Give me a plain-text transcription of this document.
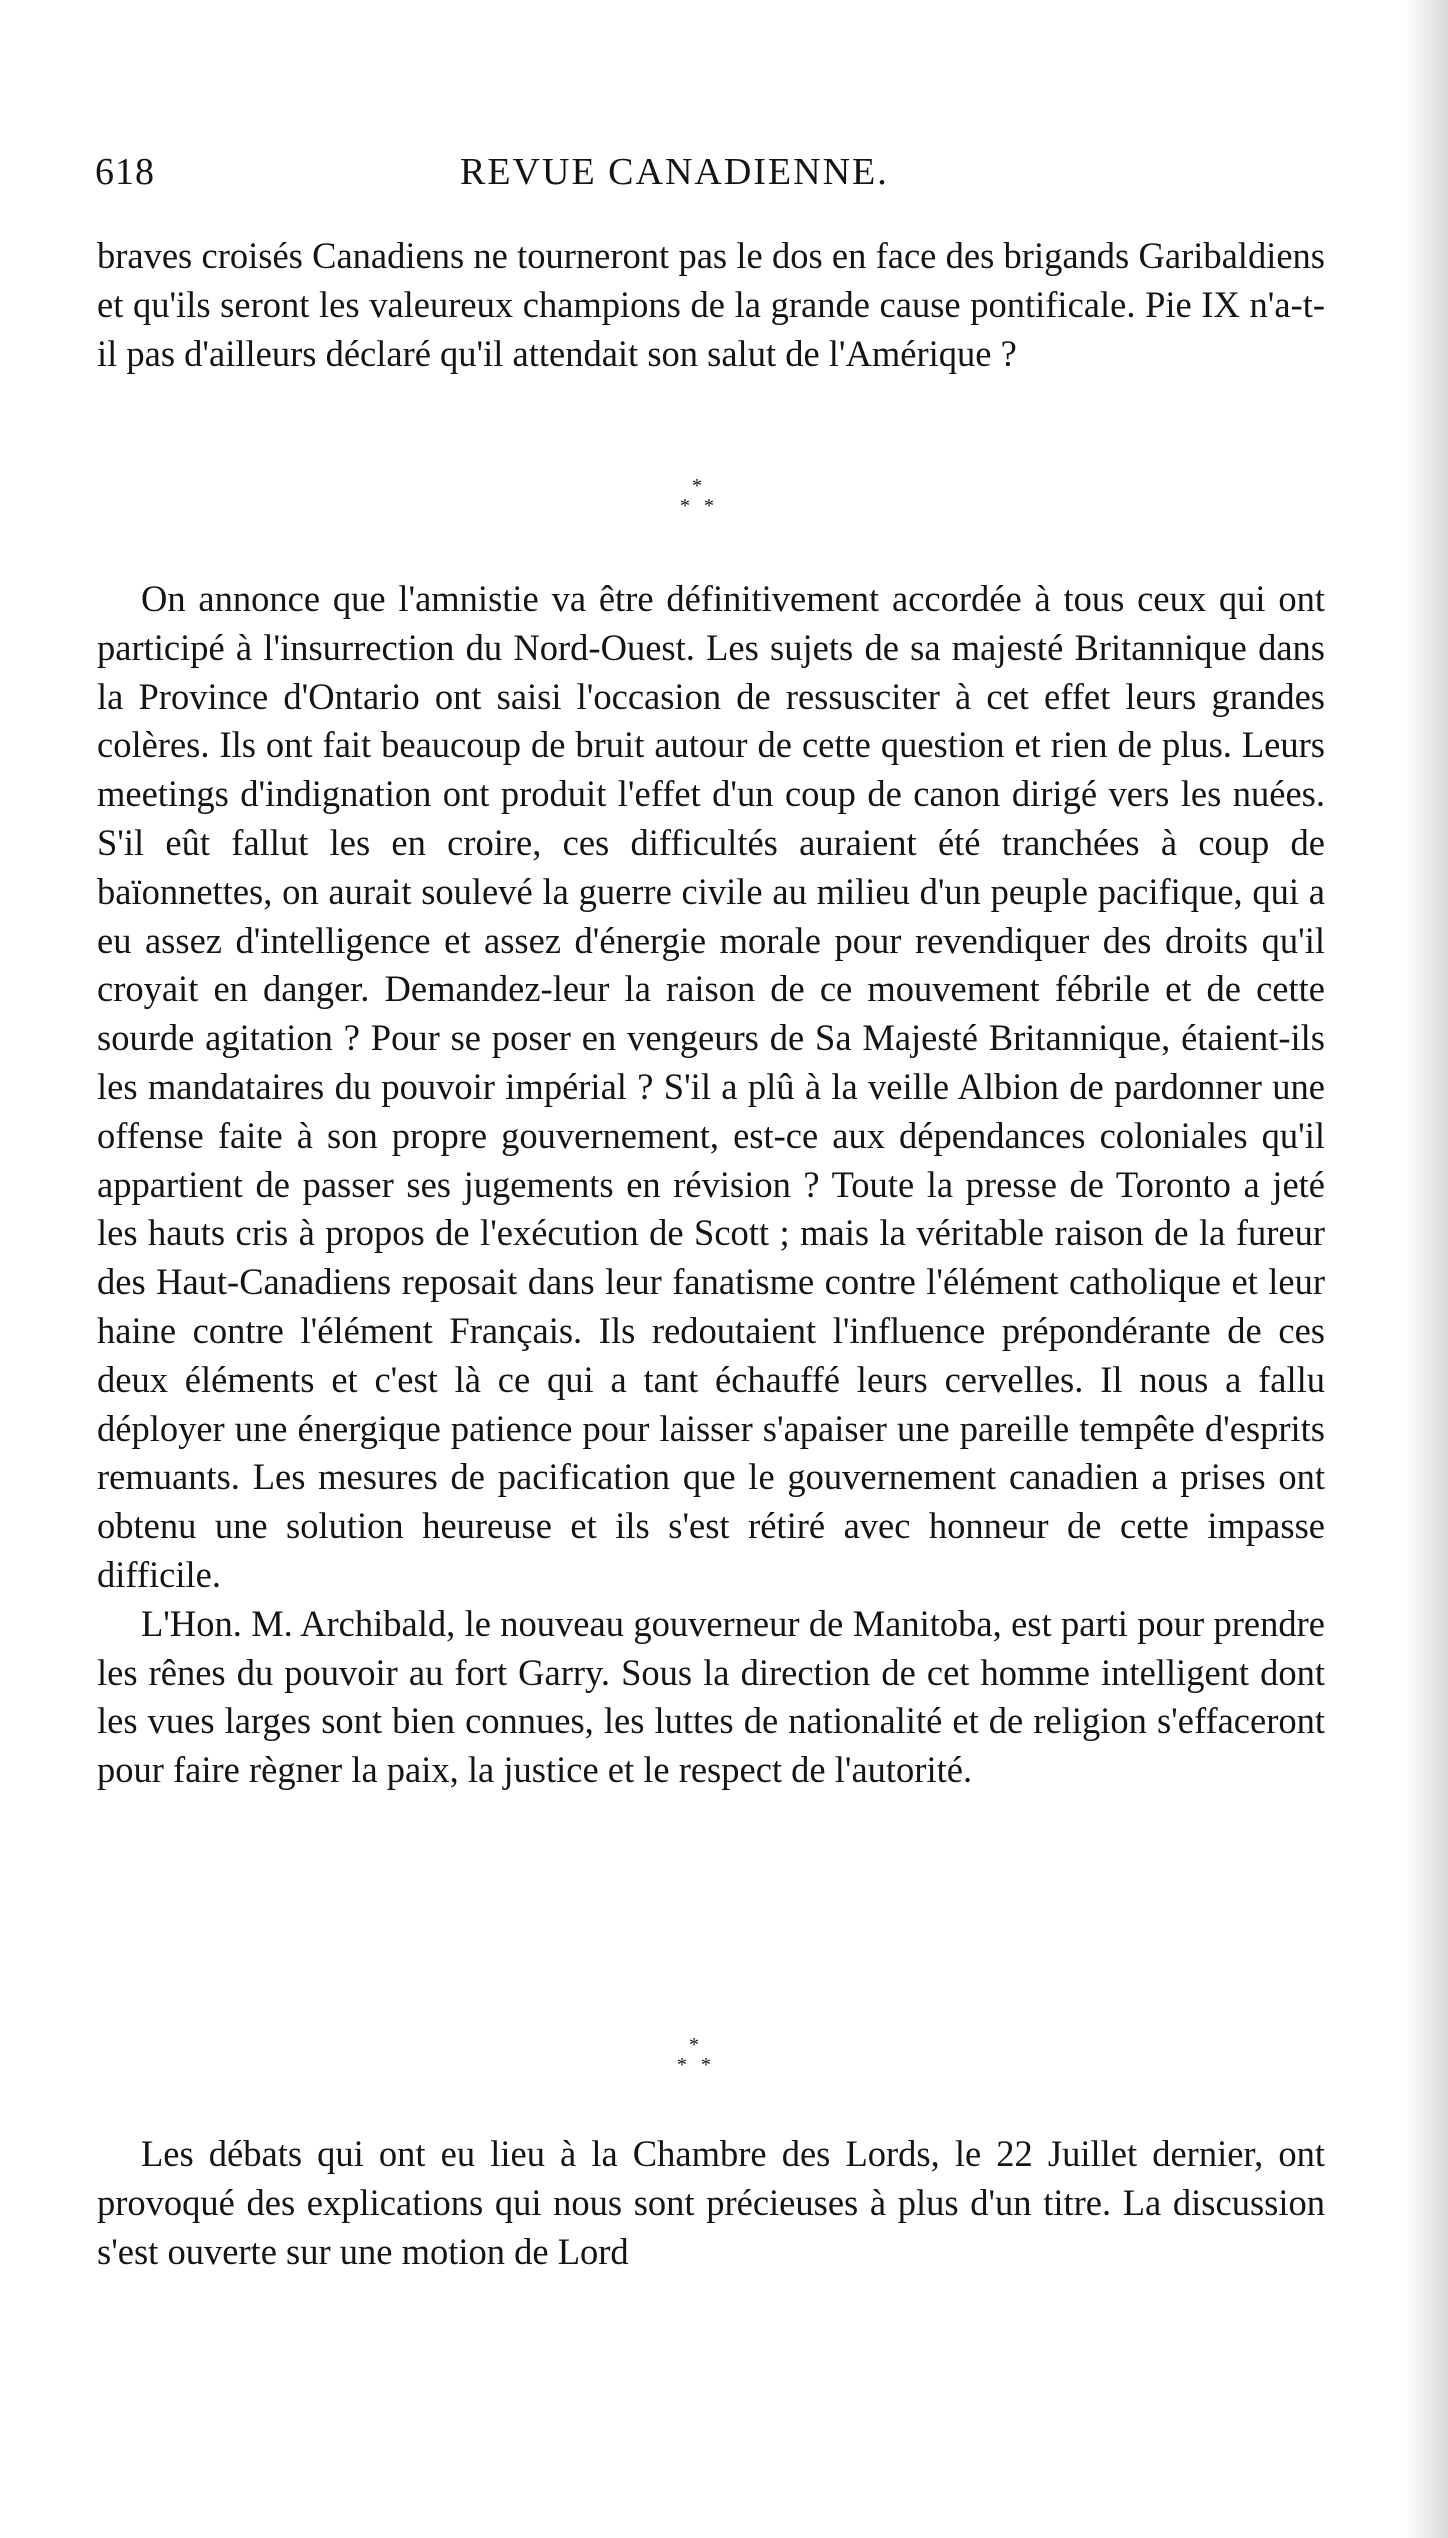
618	REVUE CANADIENNE.

braves croisés Canadiens ne tourneront pas le dos en face des brigands Garibaldiens et qu'ils seront les valeureux champions de la grande cause pontificale. Pie IX n'a-t-il pas d'ailleurs déclaré qu'il attendait son salut de l'Amérique ?

*
* *

On annonce que l'amnistie va être définitivement accordée à tous ceux qui ont participé à l'insurrection du Nord-Ouest. Les sujets de sa majesté Britannique dans la Province d'Ontario ont saisi l'occasion de ressusciter à cet effet leurs grandes colères. Ils ont fait beaucoup de bruit autour de cette question et rien de plus. Leurs meetings d'indignation ont produit l'effet d'un coup de canon dirigé vers les nuées. S'il eût fallut les en croire, ces difficultés auraient été tranchées à coup de baïonnettes, on aurait soulevé la guerre civile au milieu d'un peuple pacifique, qui a eu assez d'intelligence et assez d'énergie morale pour revendiquer des droits qu'il croyait en danger. Demandez-leur la raison de ce mouvement fébrile et de cette sourde agitation ? Pour se poser en vengeurs de Sa Majesté Britannique, étaient-ils les mandataires du pouvoir impérial ? S'il a plû à la veille Albion de pardonner une offense faite à son propre gouvernement, est-ce aux dépendances coloniales qu'il appartient de passer ses jugements en révision ? Toute la presse de Toronto a jeté les hauts cris à propos de l'exécution de Scott ; mais la véritable raison de la fureur des Haut-Canadiens reposait dans leur fanatisme contre l'élément catholique et leur haine contre l'élément Français. Ils redoutaient l'influence prépondérante de ces deux éléments et c'est là ce qui a tant échauffé leurs cervelles. Il nous a fallu déployer une énergique patience pour laisser s'apaiser une pareille tempête d'esprits remuants. Les mesures de pacification que le gouvernement canadien a prises ont obtenu une solution heureuse et ils s'est rétiré avec honneur de cette impasse difficile.

L'Hon. M. Archibald, le nouveau gouverneur de Manitoba, est parti pour prendre les rênes du pouvoir au fort Garry. Sous la direction de cet homme intelligent dont les vues larges sont bien connues, les luttes de nationalité et de religion s'effaceront pour faire règner la paix, la justice et le respect de l'autorité.

*
* *

Les débats qui ont eu lieu à la Chambre des Lords, le 22 Juillet dernier, ont provoqué des explications qui nous sont précieuses à plus d'un titre. La discussion s'est ouverte sur une motion de Lord
